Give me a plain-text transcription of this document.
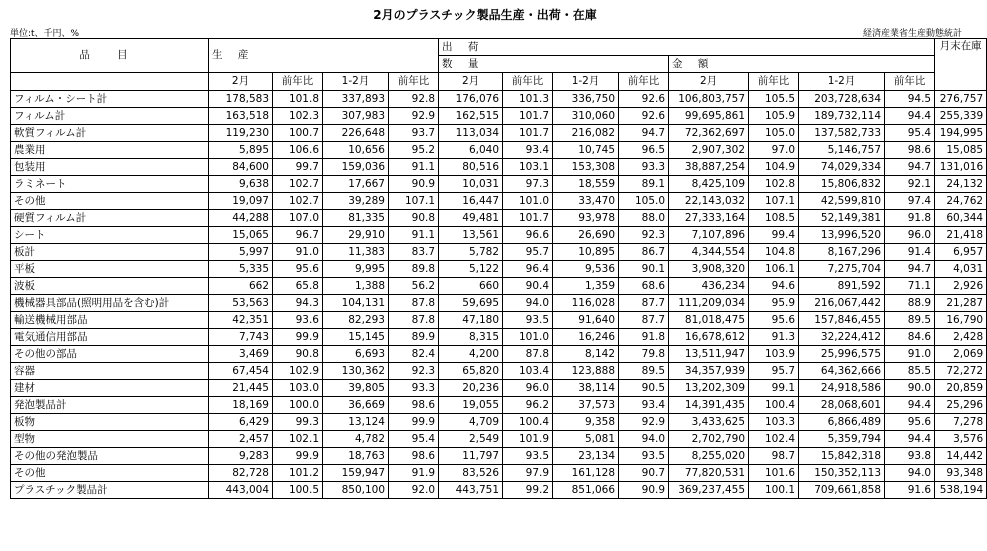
2月のプラスチック製品生産・出荷・在庫
単位:t、千円、%	経済産業省生産動態統計
品 目	生 産				出 荷								月末在庫
					数 量				金 額				
	2月	前年比	1-2月	前年比	2月	前年比	1-2月	前年比	2月	前年比	1-2月	前年比	
フィルム・シート計	178,583	101.8	337,893	92.8	176,076	101.3	336,750	92.6	106,803,757	105.5	203,728,634	94.5	276,757
フィルム計	163,518	102.3	307,983	92.9	162,515	101.7	310,060	92.6	99,695,861	105.9	189,732,114	94.4	255,339
軟質フィルム計	119,230	100.7	226,648	93.7	113,034	101.7	216,082	94.7	72,362,697	105.0	137,582,733	95.4	194,995
農業用	5,895	106.6	10,656	95.2	6,040	93.4	10,745	96.5	2,907,302	97.0	5,146,757	98.6	15,085
包装用	84,600	99.7	159,036	91.1	80,516	103.1	153,308	93.3	38,887,254	104.9	74,029,334	94.7	131,016
ラミネート	9,638	102.7	17,667	90.9	10,031	97.3	18,559	89.1	8,425,109	102.8	15,806,832	92.1	24,132
その他	19,097	102.7	39,289	107.1	16,447	101.0	33,470	105.0	22,143,032	107.1	42,599,810	97.4	24,762
硬質フィルム計	44,288	107.0	81,335	90.8	49,481	101.7	93,978	88.0	27,333,164	108.5	52,149,381	91.8	60,344
シート	15,065	96.7	29,910	91.1	13,561	96.6	26,690	92.3	7,107,896	99.4	13,996,520	96.0	21,418
板計	5,997	91.0	11,383	83.7	5,782	95.7	10,895	86.7	4,344,554	104.8	8,167,296	91.4	6,957
平板	5,335	95.6	9,995	89.8	5,122	96.4	9,536	90.1	3,908,320	106.1	7,275,704	94.7	4,031
波板	662	65.8	1,388	56.2	660	90.4	1,359	68.6	436,234	94.6	891,592	71.1	2,926
機械器具部品(照明用品を含む)計	53,563	94.3	104,131	87.8	59,695	94.0	116,028	87.7	111,209,034	95.9	216,067,442	88.9	21,287
輸送機械用部品	42,351	93.6	82,293	87.8	47,180	93.5	91,640	87.7	81,018,475	95.6	157,846,455	89.5	16,790
電気通信用部品	7,743	99.9	15,145	89.9	8,315	101.0	16,246	91.8	16,678,612	91.3	32,224,412	84.6	2,428
その他の部品	3,469	90.8	6,693	82.4	4,200	87.8	8,142	79.8	13,511,947	103.9	25,996,575	91.0	2,069
容器	67,454	102.9	130,362	92.3	65,820	103.4	123,888	89.5	34,357,939	95.7	64,362,666	85.5	72,272
建材	21,445	103.0	39,805	93.3	20,236	96.0	38,114	90.5	13,202,309	99.1	24,918,586	90.0	20,859
発泡製品計	18,169	100.0	36,669	98.6	19,055	96.2	37,573	93.4	14,391,435	100.4	28,068,601	94.4	25,296
板物	6,429	99.3	13,124	99.9	4,709	100.4	9,358	92.9	3,433,625	103.3	6,866,489	95.6	7,278
型物	2,457	102.1	4,782	95.4	2,549	101.9	5,081	94.0	2,702,790	102.4	5,359,794	94.4	3,576
その他の発泡製品	9,283	99.9	18,763	98.6	11,797	93.5	23,134	93.5	8,255,020	98.7	15,842,318	93.8	14,442
その他	82,728	101.2	159,947	91.9	83,526	97.9	161,128	90.7	77,820,531	101.6	150,352,113	94.0	93,348
プラスチック製品計	443,004	100.5	850,100	92.0	443,751	99.2	851,066	90.9	369,237,455	100.1	709,661,858	91.6	538,194
